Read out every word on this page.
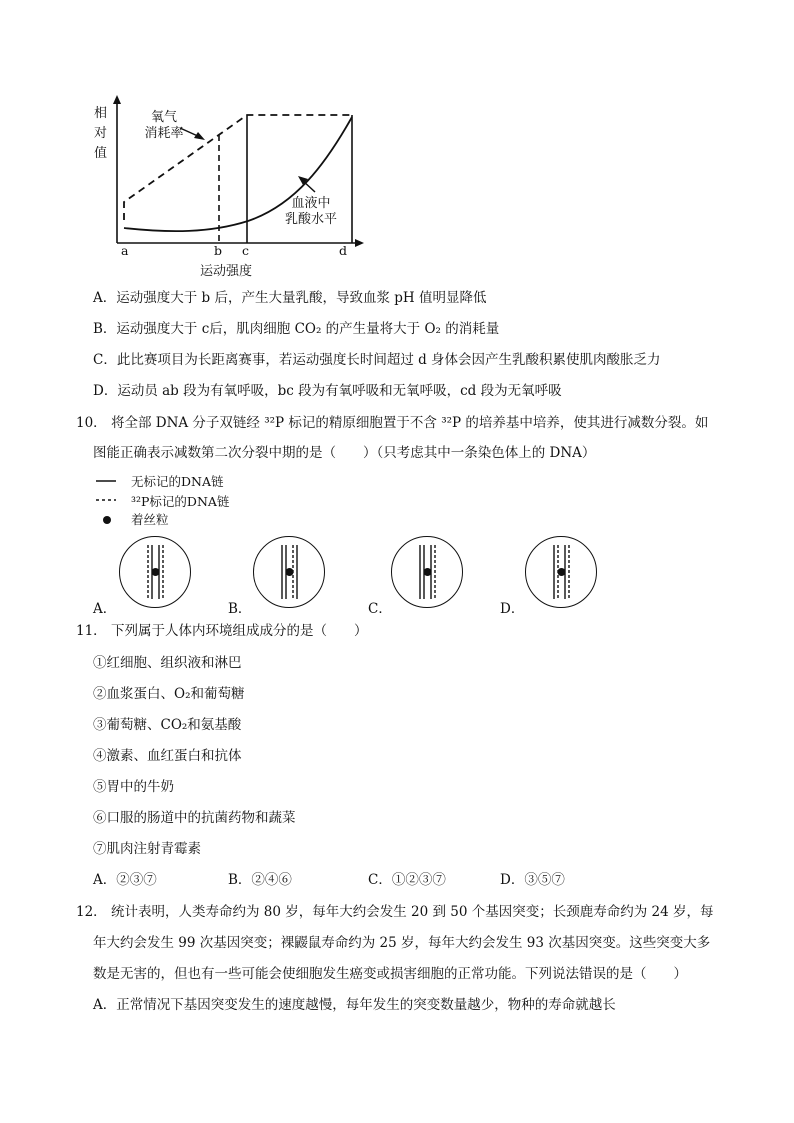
相
对
值
氧气
消耗率
血液中
乳酸水平
a	b c	d
运动强度
A．运动强度大于 b 后，产生大量乳酸，导致血浆 pH 值明显降低
B．运动强度大于 c后，肌肉细胞 CO₂ 的产生量将大于 O₂ 的消耗量
C．此比赛项目为长距离赛事，若运动强度长时间超过 d 身体会因产生乳酸积累使肌肉酸胀乏力
D．运动员 ab 段为有氧呼吸，bc 段为有氧呼吸和无氧呼吸，cd 段为无氧呼吸
10． 将全部 DNA 分子双链经 ³²P 标记的精原细胞置于不含 ³²P 的培养基中培养，使其进行减数分裂。如
图能正确表示减数第二次分裂中期的是（　　）（只考虑其中一条染色体上的 DNA）
无标记的DNA链
³²P标记的DNA链
着丝粒
A．	B．	C．	D．
11． 下列属于人体内环境组成成分的是（　　）
①红细胞、组织液和淋巴
②血浆蛋白、O₂和葡萄糖
③葡萄糖、CO₂和氨基酸
④激素、血红蛋白和抗体
⑤胃中的牛奶
⑥口服的肠道中的抗菌药物和蔬菜
⑦肌肉注射青霉素
A．②③⑦	B．②④⑥	C．①②③⑦	D．③⑤⑦
12． 统计表明，人类寿命约为 80 岁，每年大约会发生 20 到 50 个基因突变；长颈鹿寿命约为 24 岁，每
年大约会发生 99 次基因突变；裸鼹鼠寿命约为 25 岁，每年大约会发生 93 次基因突变。这些突变大多
数是无害的，但也有一些可能会使细胞发生癌变或损害细胞的正常功能。下列说法错误的是（　　）
A．正常情况下基因突变发生的速度越慢，每年发生的突变数量越少，物种的寿命就越长
